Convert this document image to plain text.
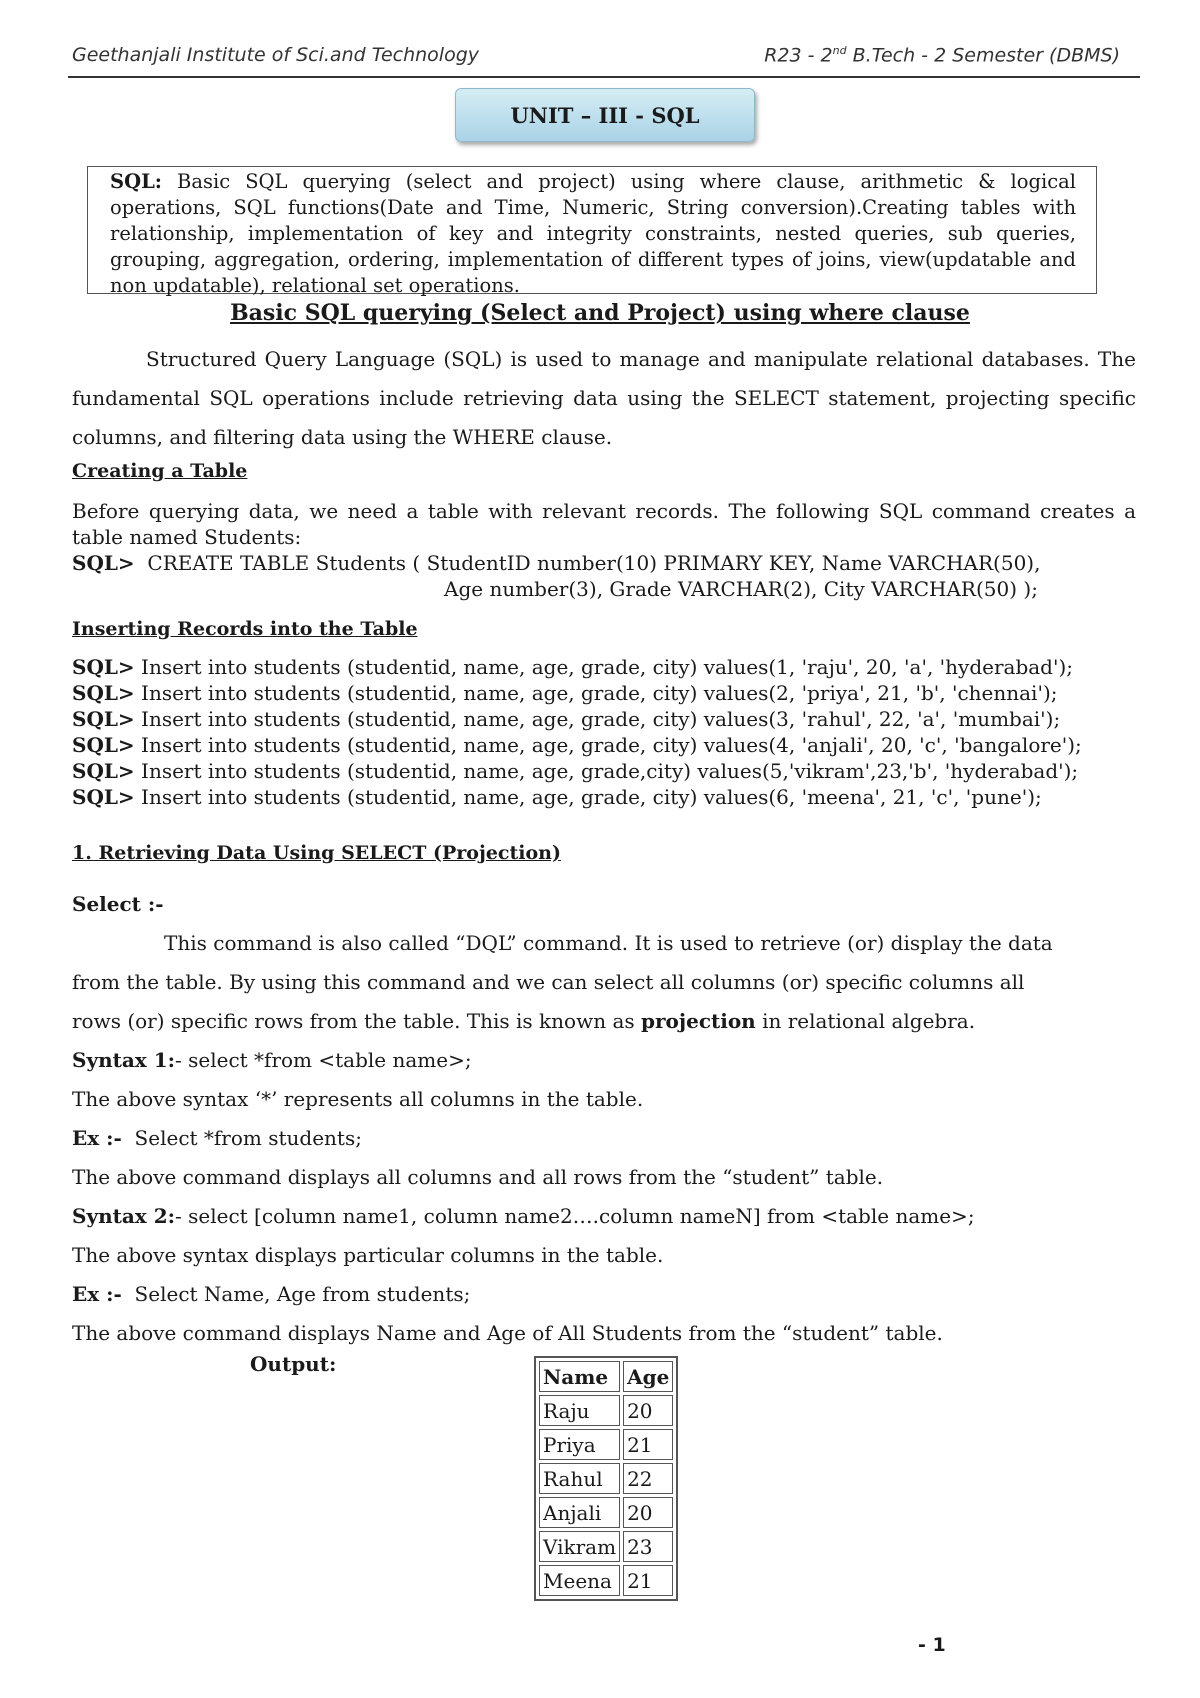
Geethanjali Institute of Sci.and Technology	R23 - 2nd B.Tech - 2 Semester (DBMS)
UNIT – III - SQL
SQL: Basic SQL querying (select and project) using where clause, arithmetic & logical operations, SQL functions(Date and Time, Numeric, String conversion).Creating tables with relationship, implementation of key and integrity constraints, nested queries, sub queries, grouping, aggregation, ordering, implementation of different types of joins, view(updatable and non updatable), relational set operations.
Basic SQL querying (Select and Project) using where clause
Structured Query Language (SQL) is used to manage and manipulate relational databases. The fundamental SQL operations include retrieving data using the SELECT statement, projecting specific columns, and filtering data using the WHERE clause.
Creating a Table
Before querying data, we need a table with relevant records. The following SQL command creates a table named Students:
SQL>  CREATE TABLE Students ( StudentID number(10) PRIMARY KEY, Name VARCHAR(50),
Age number(3), Grade VARCHAR(2), City VARCHAR(50) );
Inserting Records into the Table
SQL> Insert into students (studentid, name, age, grade, city) values(1, 'raju', 20, 'a', 'hyderabad');
SQL> Insert into students (studentid, name, age, grade, city) values(2, 'priya', 21, 'b', 'chennai');
SQL> Insert into students (studentid, name, age, grade, city) values(3, 'rahul', 22, 'a', 'mumbai');
SQL> Insert into students (studentid, name, age, grade, city) values(4, 'anjali', 20, 'c', 'bangalore');
SQL> Insert into students (studentid, name, age, grade,city) values(5,'vikram',23,'b', 'hyderabad');
SQL> Insert into students (studentid, name, age, grade, city) values(6, 'meena', 21, 'c', 'pune');
1. Retrieving Data Using SELECT (Projection)
Select :-
This command is also called “DQL” command. It is used to retrieve (or) display the data
from the table. By using this command and we can select all columns (or) specific columns all
rows (or) specific rows from the table. This is known as projection in relational algebra.
Syntax 1:- select *from <table name>;
The above syntax ‘*’ represents all columns in the table.
Ex :-  Select *from students;
The above command displays all columns and all rows from the “student” table.
Syntax 2:- select [column name1, column name2….column nameN] from <table name>;
The above syntax displays particular columns in the table.
Ex :-  Select Name, Age from students;
The above command displays Name and Age of All Students from the “student” table.
Output:
Name	Age
Raju	20
Priya	21
Rahul	22
Anjali	20
Vikram	23
Meena	21
- 1
